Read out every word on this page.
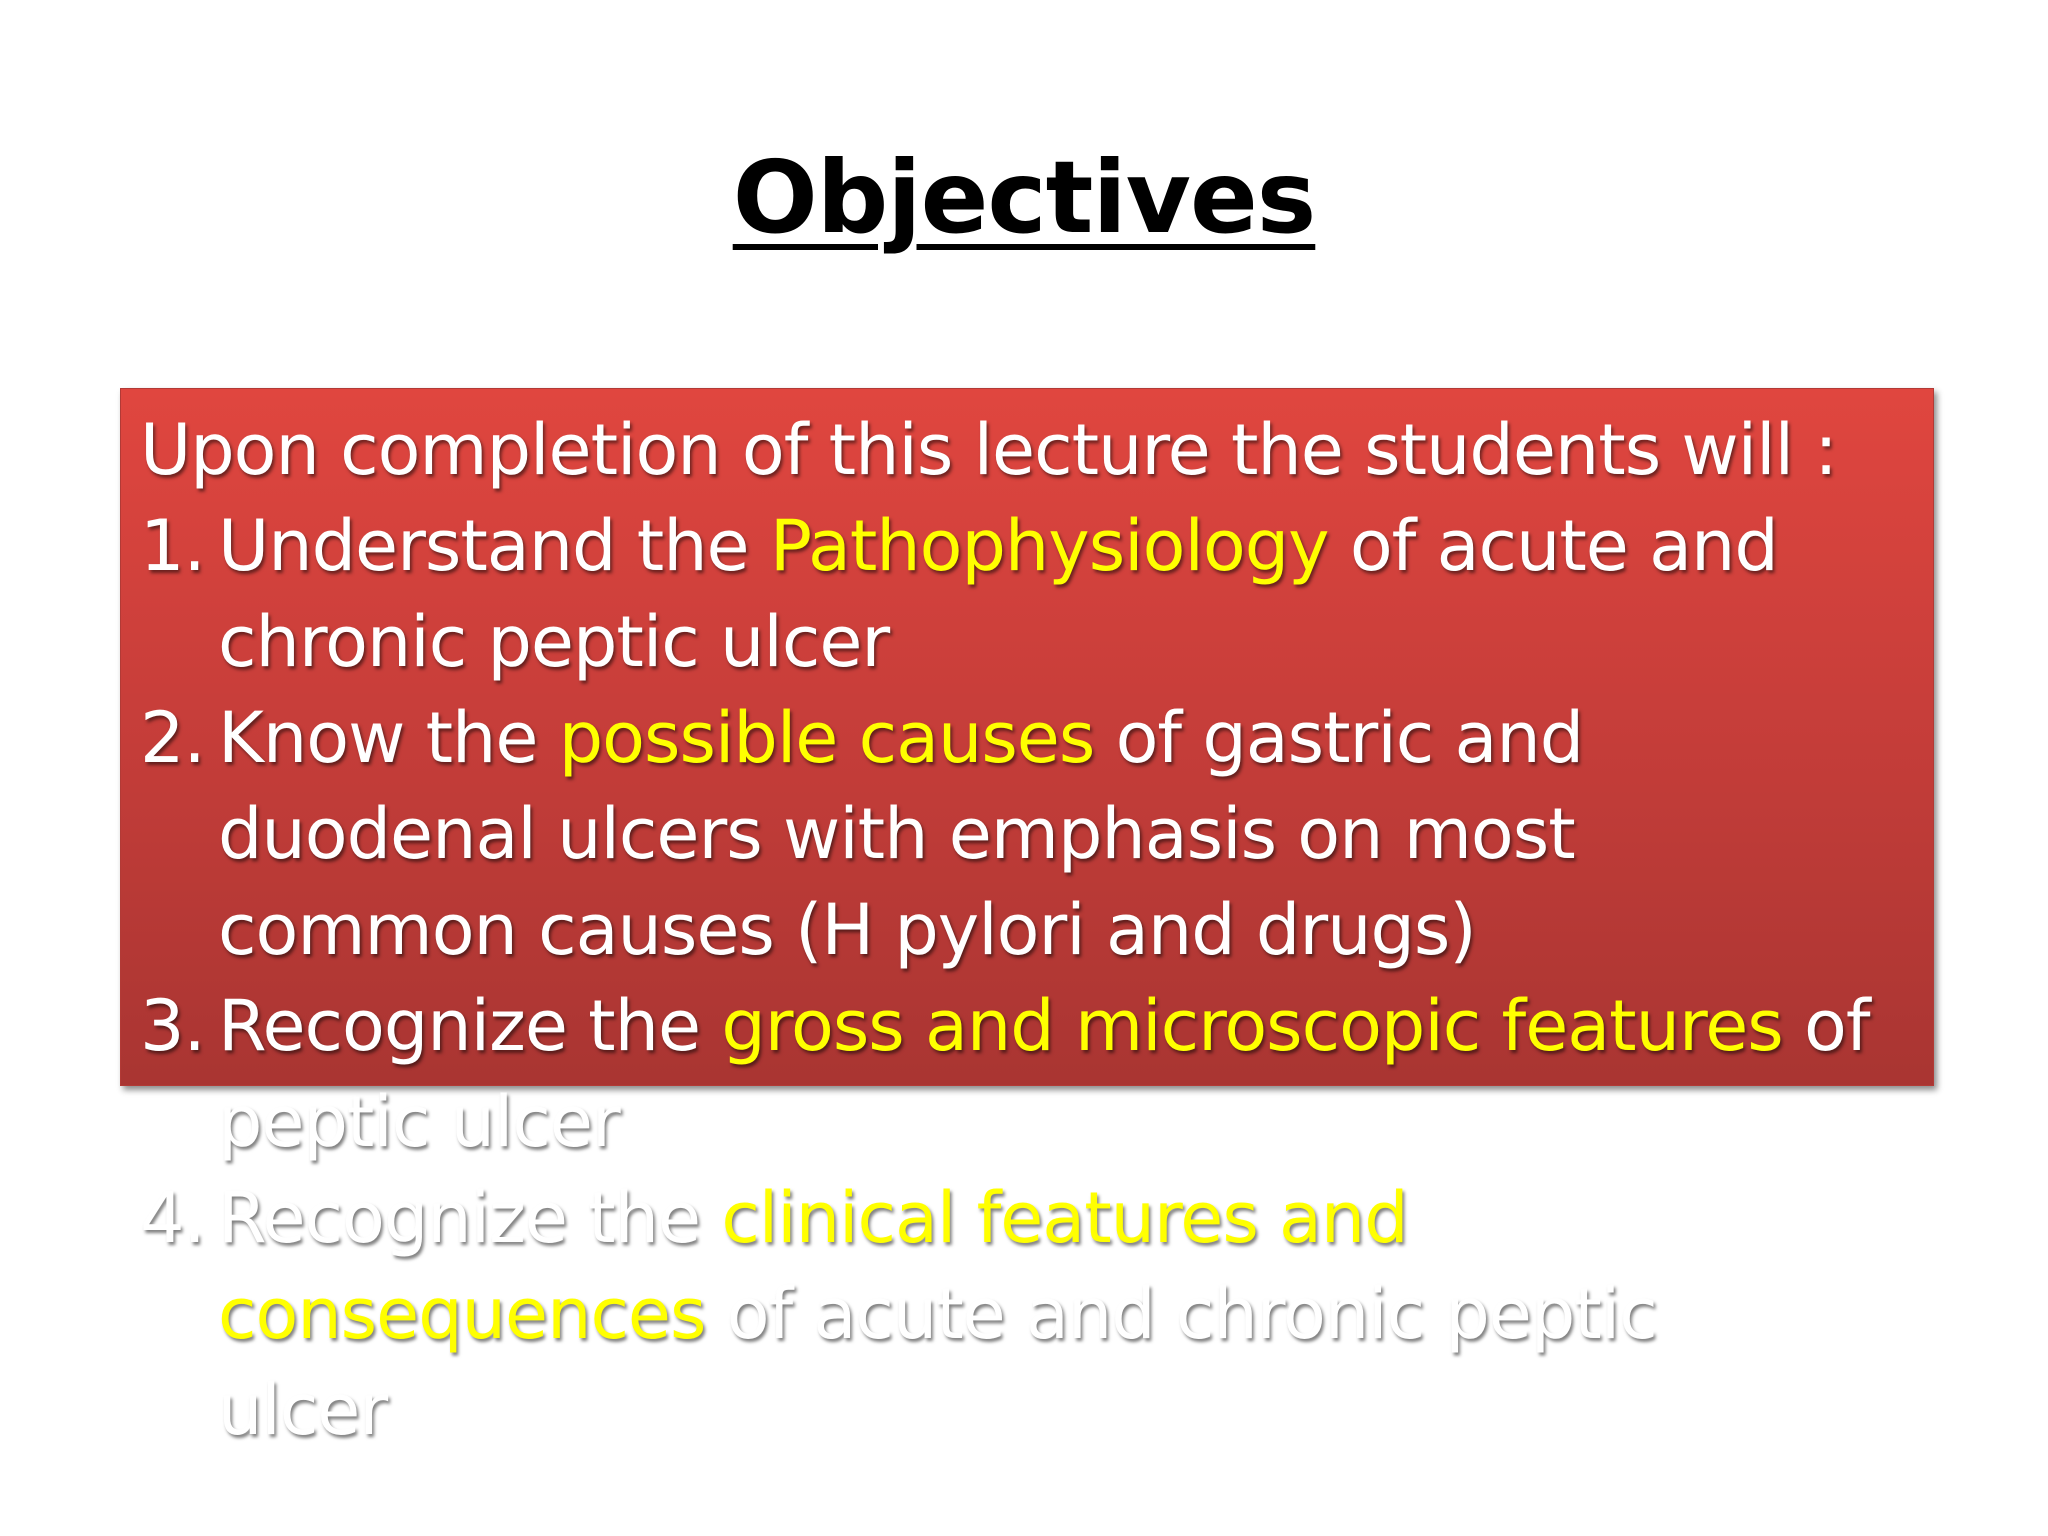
Objectives
Upon completion of this lecture the students will :
1. Understand the Pathophysiology of acute and chronic peptic ulcer
2. Know the possible causes of gastric and duodenal ulcers with emphasis on most common causes (H pylori and drugs)
3. Recognize the gross and microscopic features of peptic ulcer
4. Recognize the clinical features and consequences of acute and chronic peptic ulcer
